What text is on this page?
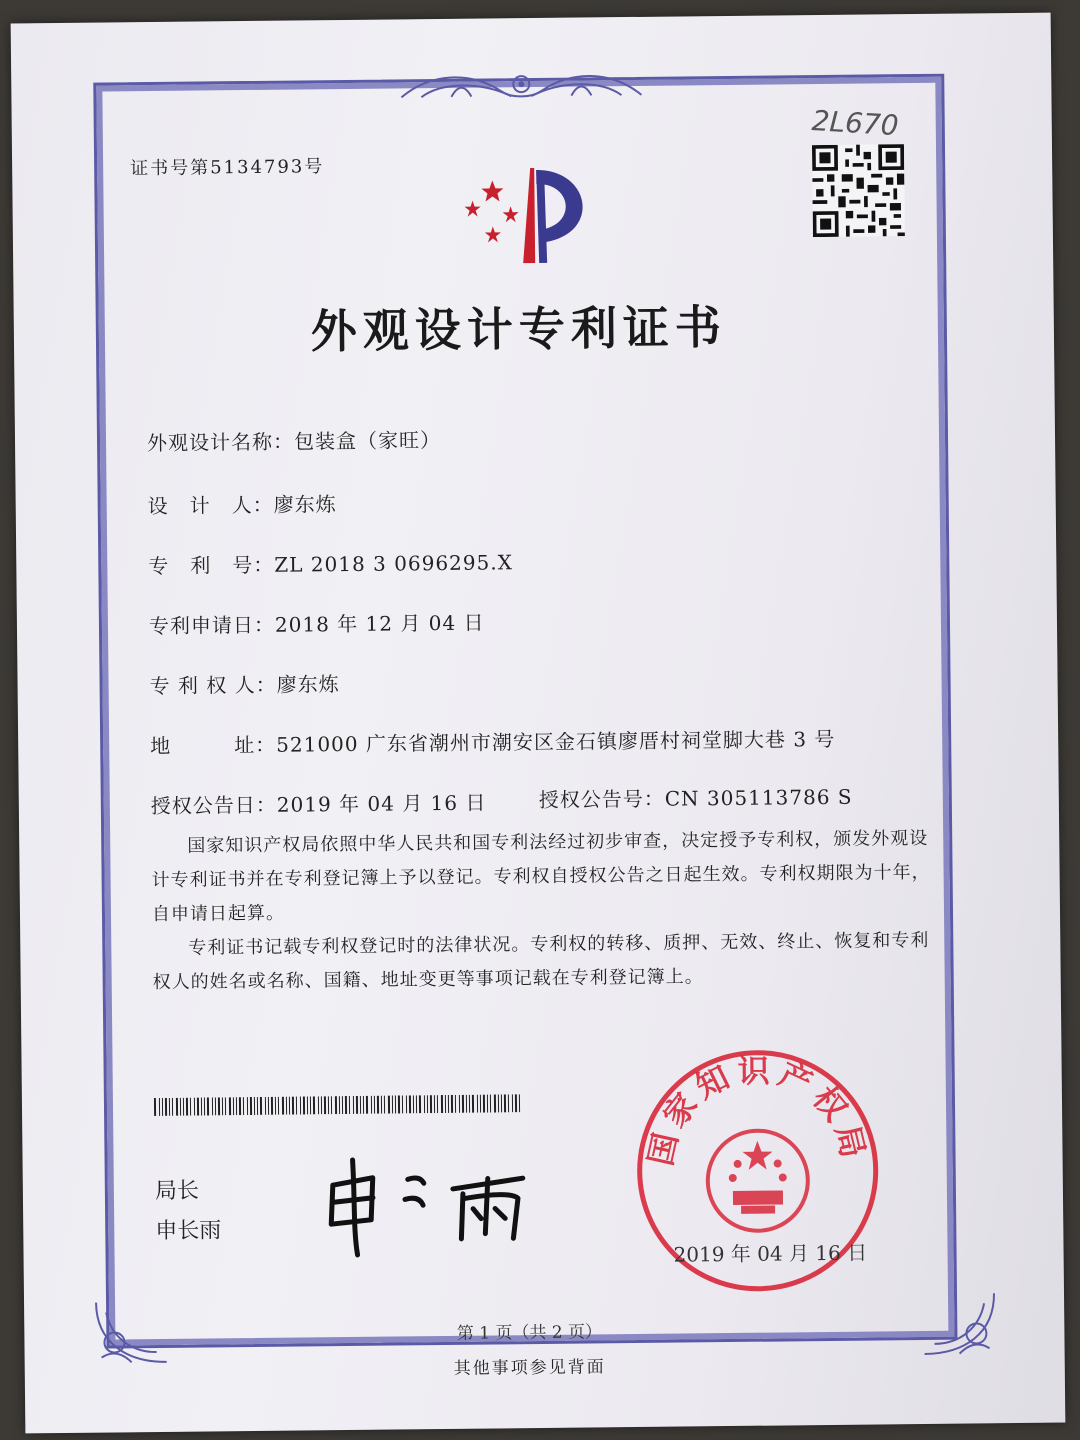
证书号第5134793号
2L670
外观设计专利证书
外观设计名称：包装盒（家旺）
设　计　人：廖东炼
专　利　号：ZL 2018 3 0696295.X
专利申请日：2018 年 12 月 04 日
专 利 权 人：廖东炼
地　　　址：521000 广东省潮州市潮安区金石镇廖厝村祠堂脚大巷 3 号
授权公告日：2019 年 04 月 16 日	授权公告号：CN 305113786 S

国家知识产权局依照中华人民共和国专利法经过初步审查，决定授予专利权，颁发外观设计专利证书并在专利登记簿上予以登记。专利权自授权公告之日起生效。专利权期限为十年，自申请日起算。

专利证书记载专利权登记时的法律状况。专利权的转移、质押、无效、终止、恢复和专利权人的姓名或名称、国籍、地址变更等事项记载在专利登记簿上。

局长
申长雨
国家知识产权局
2019 年 04 月 16 日
第 1 页（共 2 页）
其他事项参见背面
